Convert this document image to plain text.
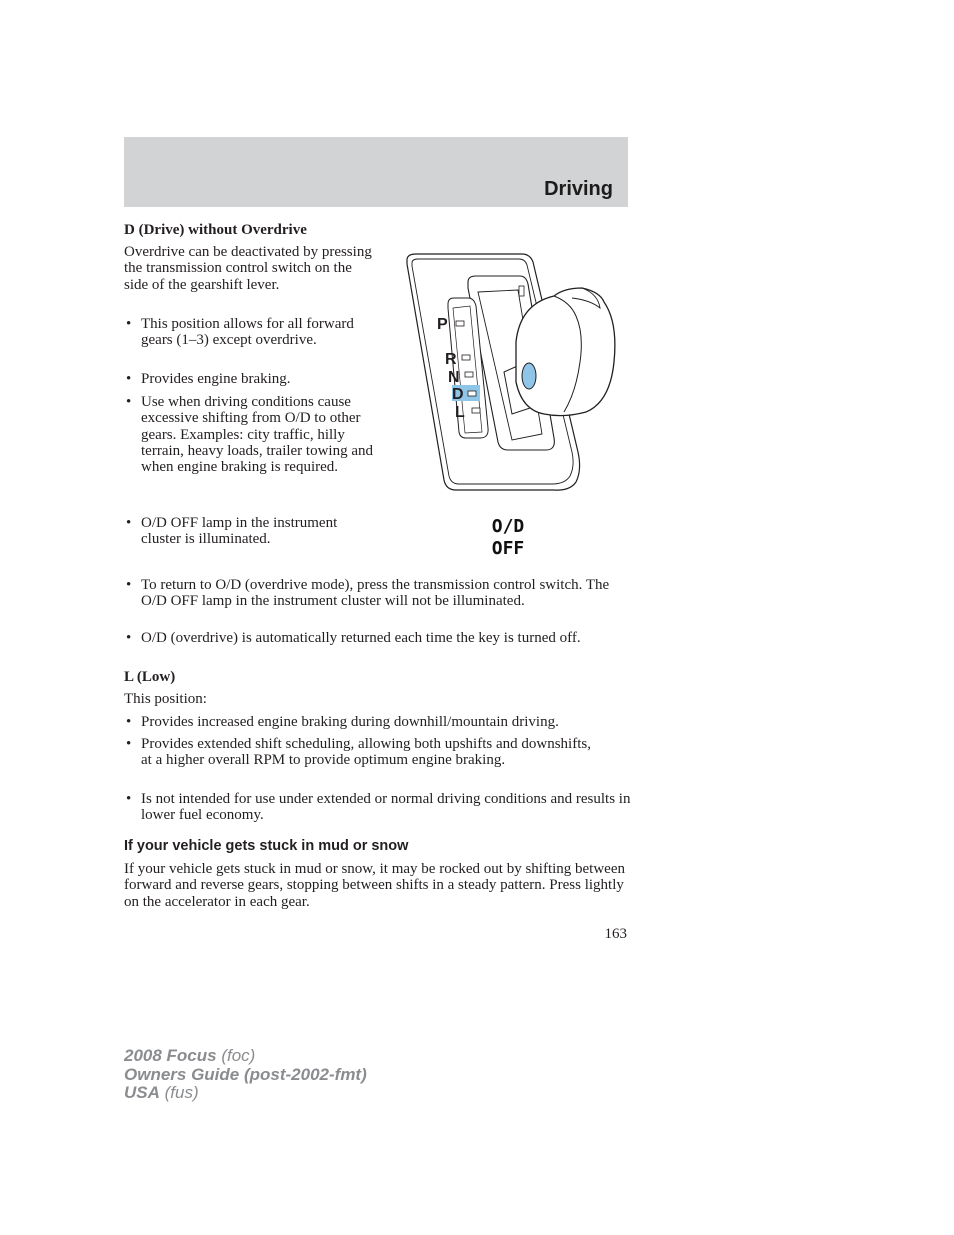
Driving
D (Drive) without Overdrive
Overdrive can be deactivated by pressing the transmission control switch on the side of the gearshift lever.
• This position allows for all forward gears (1–3) except overdrive.
• Provides engine braking.
• Use when driving conditions cause excessive shifting from O/D to other gears. Examples: city traffic, hilly terrain, heavy loads, trailer towing and when engine braking is required.
• O/D OFF lamp in the instrument cluster is illuminated.
• To return to O/D (overdrive mode), press the transmission control switch. The O/D OFF lamp in the instrument cluster will not be illuminated.
• O/D (overdrive) is automatically returned each time the key is turned off.
P
R
N
D
L
O/D
OFF
L (Low)
This position:
• Provides increased engine braking during downhill/mountain driving.
• Provides extended shift scheduling, allowing both upshifts and downshifts, at a higher overall RPM to provide optimum engine braking.
• Is not intended for use under extended or normal driving conditions and results in lower fuel economy.
If your vehicle gets stuck in mud or snow
If your vehicle gets stuck in mud or snow, it may be rocked out by shifting between forward and reverse gears, stopping between shifts in a steady pattern. Press lightly on the accelerator in each gear.
163
2008 Focus (foc)
Owners Guide (post-2002-fmt)
USA (fus)
